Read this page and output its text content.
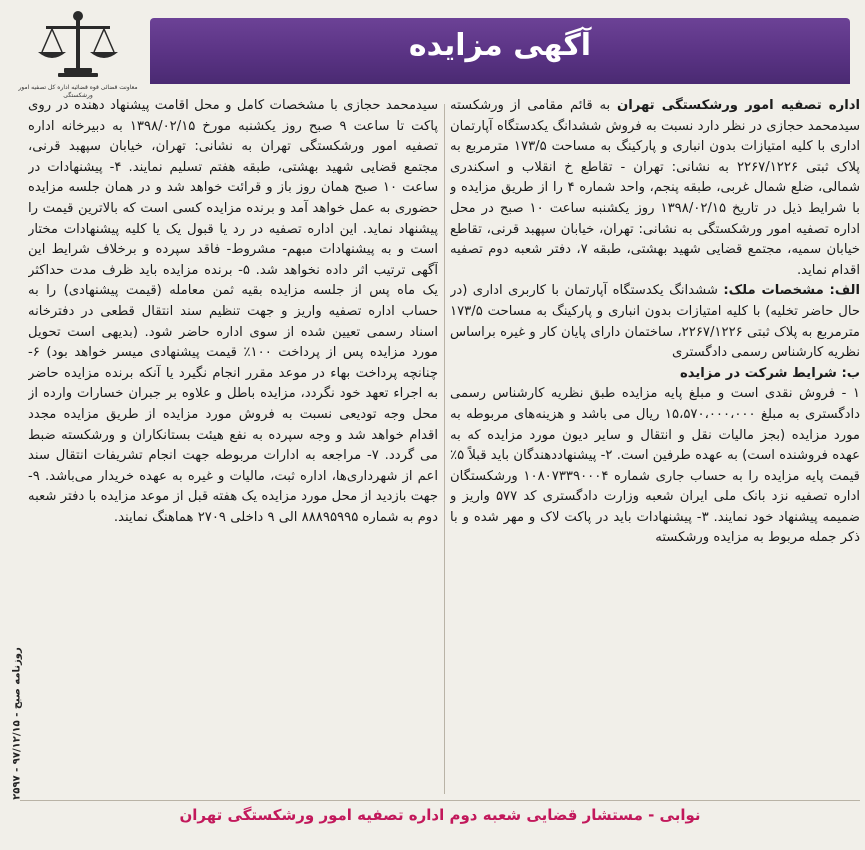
معاونت قضائی قوه قضائیه اداره کل تصفیه امور ورشکستگی
آگهی مزایده
روزنامه صبح - ۹۷/۱۲/۱۵ - ۲۵۹۷

اداره تصفیه امور ورشکستگی تهران به قائم مقامی از ورشکسته سیدمحمد حجازی در نظر دارد نسبت به فروش ششدانگ یکدستگاه آپارتمان اداری با کلیه امتیازات بدون انباری و پارکینگ به مساحت ۱۷۳/۵ مترمربع به پلاک ثبتی ۲۲۶۷/۱۲۲۶ به نشانی: تهران - تقاطع خ انقلاب و اسکندری شمالی، ضلع شمال غربی، طبقه پنجم، واحد شماره ۴ را از طریق مزایده و با شرایط ذیل در تاریخ ۱۳۹۸/۰۲/۱۵ روز یکشنبه ساعت ۱۰ صبح در محل اداره تصفیه امور ورشکستگی به نشانی: تهران، خیابان سپهبد قرنی، تقاطع خیابان سمیه، مجتمع قضایی شهید بهشتی، طبقه ۷، دفتر شعبه دوم تصفیه اقدام نماید.

الف: مشخصات ملک: ششدانگ یکدستگاه آپارتمان با کاربری اداری (در حال حاضر تخلیه) با کلیه امتیازات بدون انباری و پارکینگ به مساحت ۱۷۳/۵ مترمربع به پلاک ثبتی ۲۲۶۷/۱۲۲۶، ساختمان دارای پایان کار و غیره براساس نظریه کارشناس رسمی دادگستری

ب: شرایط شرکت در مزایده

۱ - فروش نقدی است و مبلغ پایه مزایده طبق نظریه کارشناس رسمی دادگستری به مبلغ ۱۵،۵۷۰،۰۰۰،۰۰۰ ریال می باشد و هزینه‌های مربوطه به مورد مزایده (بجز مالیات نقل و انتقال و سایر دیون مورد مزایده که به عهده فروشنده است) به عهده طرفین است. ۲- پیشنهاددهندگان باید قبلاً ۵٪ قیمت پایه مزایده را به حساب جاری شماره ۱۰۸۰۷۳۳۹۰۰۰۴ ورشکستگان اداره تصفیه نزد بانک ملی ایران شعبه وزارت دادگستری کد ۵۷۷ واریز و ضمیمه پیشنهاد خود نمایند. ۳- پیشنهادات باید در پاکت لاک و مهر شده و با ذکر جمله مربوط به مزایده ورشکسته

سیدمحمد حجازی با مشخصات کامل و محل اقامت پیشنهاد دهنده در روی پاکت تا ساعت ۹ صبح روز یکشنبه مورخ ۱۳۹۸/۰۲/۱۵ به دبیرخانه اداره تصفیه امور ورشکستگی تهران به نشانی: تهران، خیابان سپهبد قرنی، مجتمع قضایی شهید بهشتی، طبقه هفتم تسلیم نمایند. ۴- پیشنهادات در ساعت ۱۰ صبح همان روز باز و قرائت خواهد شد و در همان جلسه مزایده حضوری به عمل خواهد آمد و برنده مزایده کسی است که بالاترین قیمت را پیشنهاد نماید. این اداره تصفیه در رد یا قبول یک یا کلیه پیشنهادات مختار است و به پیشنهادات مبهم- مشروط- فاقد سپرده و برخلاف شرایط این آگهی ترتیب اثر داده نخواهد شد. ۵- برنده مزایده باید ظرف مدت حداکثر یک ماه پس از جلسه مزایده بقیه ثمن معامله (قیمت پیشنهادی) را به حساب اداره تصفیه واریز و جهت تنظیم سند انتقال قطعی در دفترخانه اسناد رسمی تعیین شده از سوی اداره حاضر شود. (بدیهی است تحویل مورد مزایده پس از پرداخت ۱۰۰٪ قیمت پیشنهادی میسر خواهد بود) ۶- چنانچه پرداخت بهاء در موعد مقرر انجام نگیرد یا آنکه برنده مزایده حاضر به اجراء تعهد خود نگردد، مزایده باطل و علاوه بر جبران خسارات وارده از محل وجه تودیعی نسبت به فروش مورد مزایده از طریق مزایده مجدد اقدام خواهد شد و وجه سپرده به نفع هیئت بستانکاران و ورشکسته ضبط می گردد. ۷- مراجعه به ادارات مربوطه جهت انجام تشریفات انتقال سند اعم از شهرداری‌ها، اداره ثبت، مالیات و غیره به عهده خریدار می‌باشد. ۹- جهت بازدید از محل مورد مزایده یک هفته قبل از موعد مزایده با دفتر شعبه دوم به شماره ۸۸۸۹۵۹۹۵ الی ۹ داخلی ۲۷۰۹ هماهنگ نمایند.

نوابی - مستشار قضایی شعبه دوم اداره تصفیه امور ورشکستگی تهران
